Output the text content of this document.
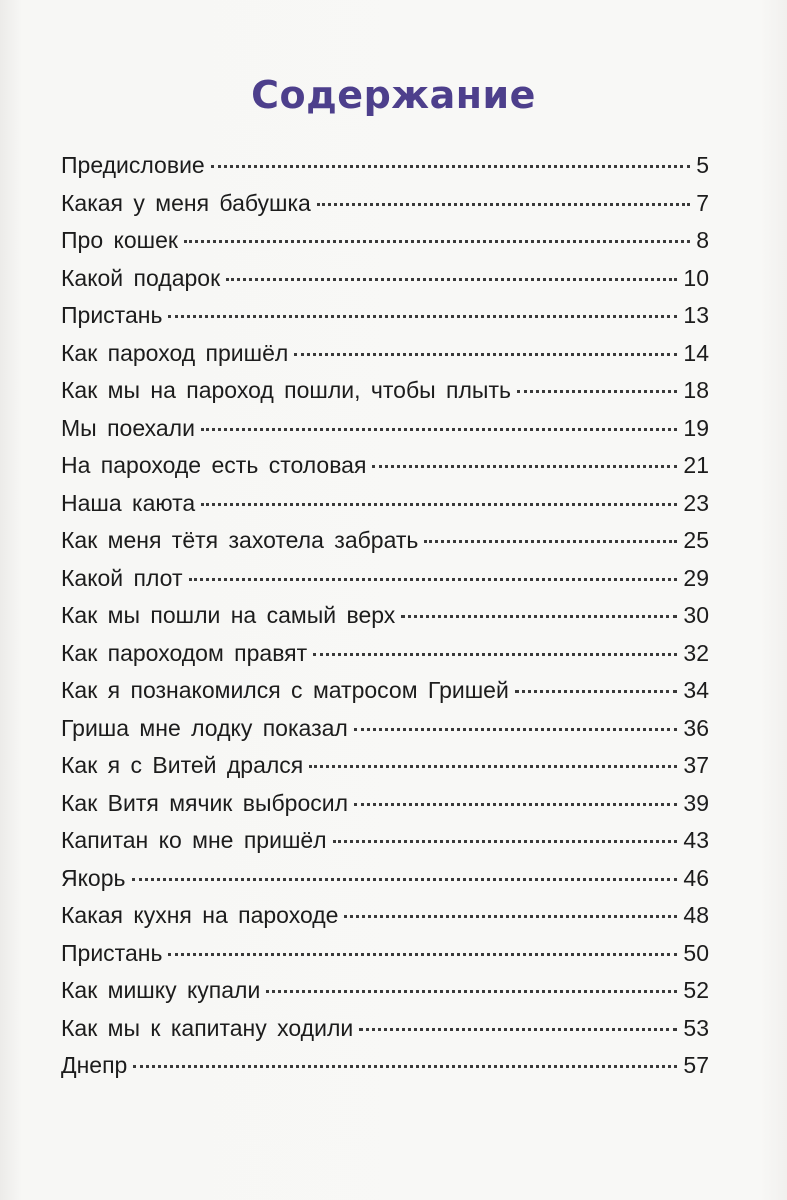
Содержание
Предисловие	5
Какая у меня бабушка	7
Про кошек	8
Какой подарок	10
Пристань	13
Как пароход пришёл	14
Как мы на пароход пошли, чтобы плыть	18
Мы поехали	19
На пароходе есть столовая	21
Наша каюта	23
Как меня тётя захотела забрать	25
Какой плот	29
Как мы пошли на самый верх	30
Как пароходом правят	32
Как я познакомился с матросом Гришей	34
Гриша мне лодку показал	36
Как я с Витей дрался	37
Как Витя мячик выбросил	39
Капитан ко мне пришёл	43
Якорь	46
Какая кухня на пароходе	48
Пристань	50
Как мишку купали	52
Как мы к капитану ходили	53
Днепр	57
